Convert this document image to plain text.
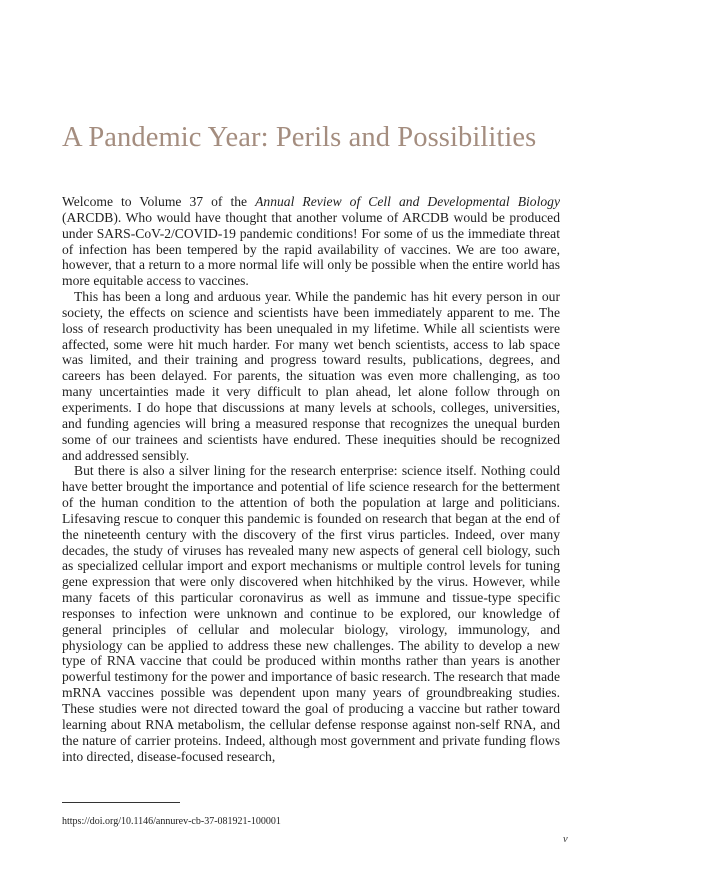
A Pandemic Year: Perils and Possibilities

Welcome to Volume 37 of the Annual Review of Cell and Developmental Biology (ARCDB). Who would have thought that another volume of ARCDB would be produced under SARS-CoV-2/COVID-19 pandemic conditions! For some of us the immediate threat of infection has been tempered by the rapid availability of vaccines. We are too aware, however, that a return to a more normal life will only be possible when the entire world has more equitable access to vaccines.

This has been a long and arduous year. While the pandemic has hit every person in our society, the effects on science and scientists have been immediately apparent to me. The loss of research productivity has been unequaled in my lifetime. While all scientists were affected, some were hit much harder. For many wet bench scientists, access to lab space was limited, and their training and progress toward results, publications, degrees, and careers has been delayed. For parents, the situation was even more challenging, as too many uncertainties made it very difficult to plan ahead, let alone follow through on experiments. I do hope that discussions at many levels at schools, colleges, universities, and funding agencies will bring a measured response that recognizes the unequal burden some of our trainees and scientists have endured. These inequities should be recognized and addressed sensibly.

But there is also a silver lining for the research enterprise: science itself. Nothing could have better brought the importance and potential of life science research for the betterment of the human condition to the attention of both the population at large and politicians. Lifesaving rescue to conquer this pandemic is founded on research that began at the end of the nineteenth century with the discovery of the first virus particles. Indeed, over many decades, the study of viruses has revealed many new aspects of general cell biology, such as specialized cellular import and export mechanisms or multiple control levels for tuning gene expression that were only discovered when hitchhiked by the virus. However, while many facets of this particular coronavirus as well as immune and tissue-type specific responses to infection were unknown and continue to be explored, our knowledge of general principles of cellular and molecular biology, virology, immunology, and physiology can be applied to address these new challenges. The ability to develop a new type of RNA vaccine that could be produced within months rather than years is another powerful testimony for the power and importance of basic research. The research that made mRNA vaccines possible was dependent upon many years of groundbreaking studies. These studies were not directed toward the goal of producing a vaccine but rather toward learning about RNA metabolism, the cellular defense response against non-self RNA, and the nature of carrier proteins. Indeed, although most government and private funding flows into directed, disease-focused research,

https://doi.org/10.1146/annurev-cb-37-081921-100001
v
